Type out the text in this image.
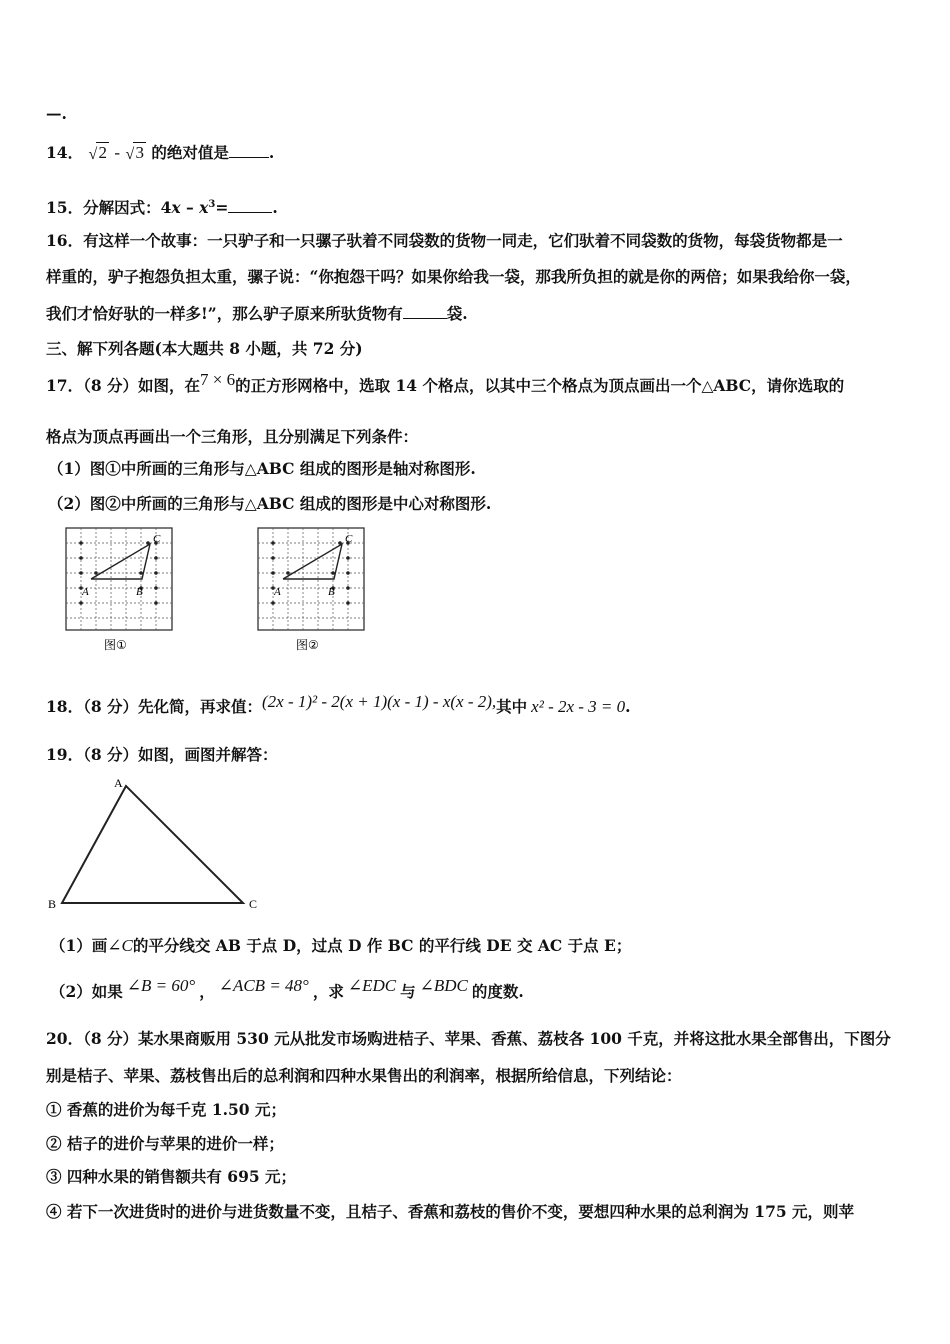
—.
14． √ 2 - √ 3 的绝对值是	.
15．分解因式：$4x - x^3=$	.
16．有这样一个故事：一只驴子和一只骡子驮着不同袋数的货物一同走，它们驮着不同袋数的货物，每袋货物都是一
样重的，驴子抱怨负担太重，骡子说：“你抱怨干吗？如果你给我一袋，那我所负担的就是你的两倍；如果我给你一袋，
我们才恰好驮的一样多!”，那么驴子原来所驮货物有	袋.
三、解下列各题(本大题共 8 小题，共 72 分)
17．（8 分）如图，在7 × 6的正方形网格中，选取 14 个格点，以其中三个格点为顶点画出一个△ABC，请你选取的
格点为顶点再画出一个三角形，且分别满足下列条件：
（1）图①中所画的三角形与△ABC 组成的图形是轴对称图形.
（2）图②中所画的三角形与△ABC 组成的图形是中心对称图形.
A	B
C
图①
A	B
C
图②
18．（8 分）先化简，再求值：(2x - 1)² - 2(x + 1)(x - 1) - x(x - 2),其中 x² - 2x - 3 = 0.
19．（8 分）如图，画图并解答：
A
B	C
（1）画∠C的平分线交 AB 于点 D，过点 D 作 BC 的平行线 DE 交 AC 于点 E；
（2）如果 ∠B = 60° ， ∠ACB = 48° ，求 ∠EDC 与 ∠BDC 的度数.
20．（8 分）某水果商贩用 530 元从批发市场购进桔子、苹果、香蕉、荔枝各 100 千克，并将这批水果全部售出，下图分
别是桔子、苹果、荔枝售出后的总利润和四种水果售出的利润率，根据所给信息，下列结论：
① 香蕉的进价为每千克 1.50 元；
② 桔子的进价与苹果的进价一样；
③ 四种水果的销售额共有 695 元；
④ 若下一次进货时的进价与进货数量不变，且桔子、香蕉和荔枝的售价不变，要想四种水果的总利润为 175 元，则苹
